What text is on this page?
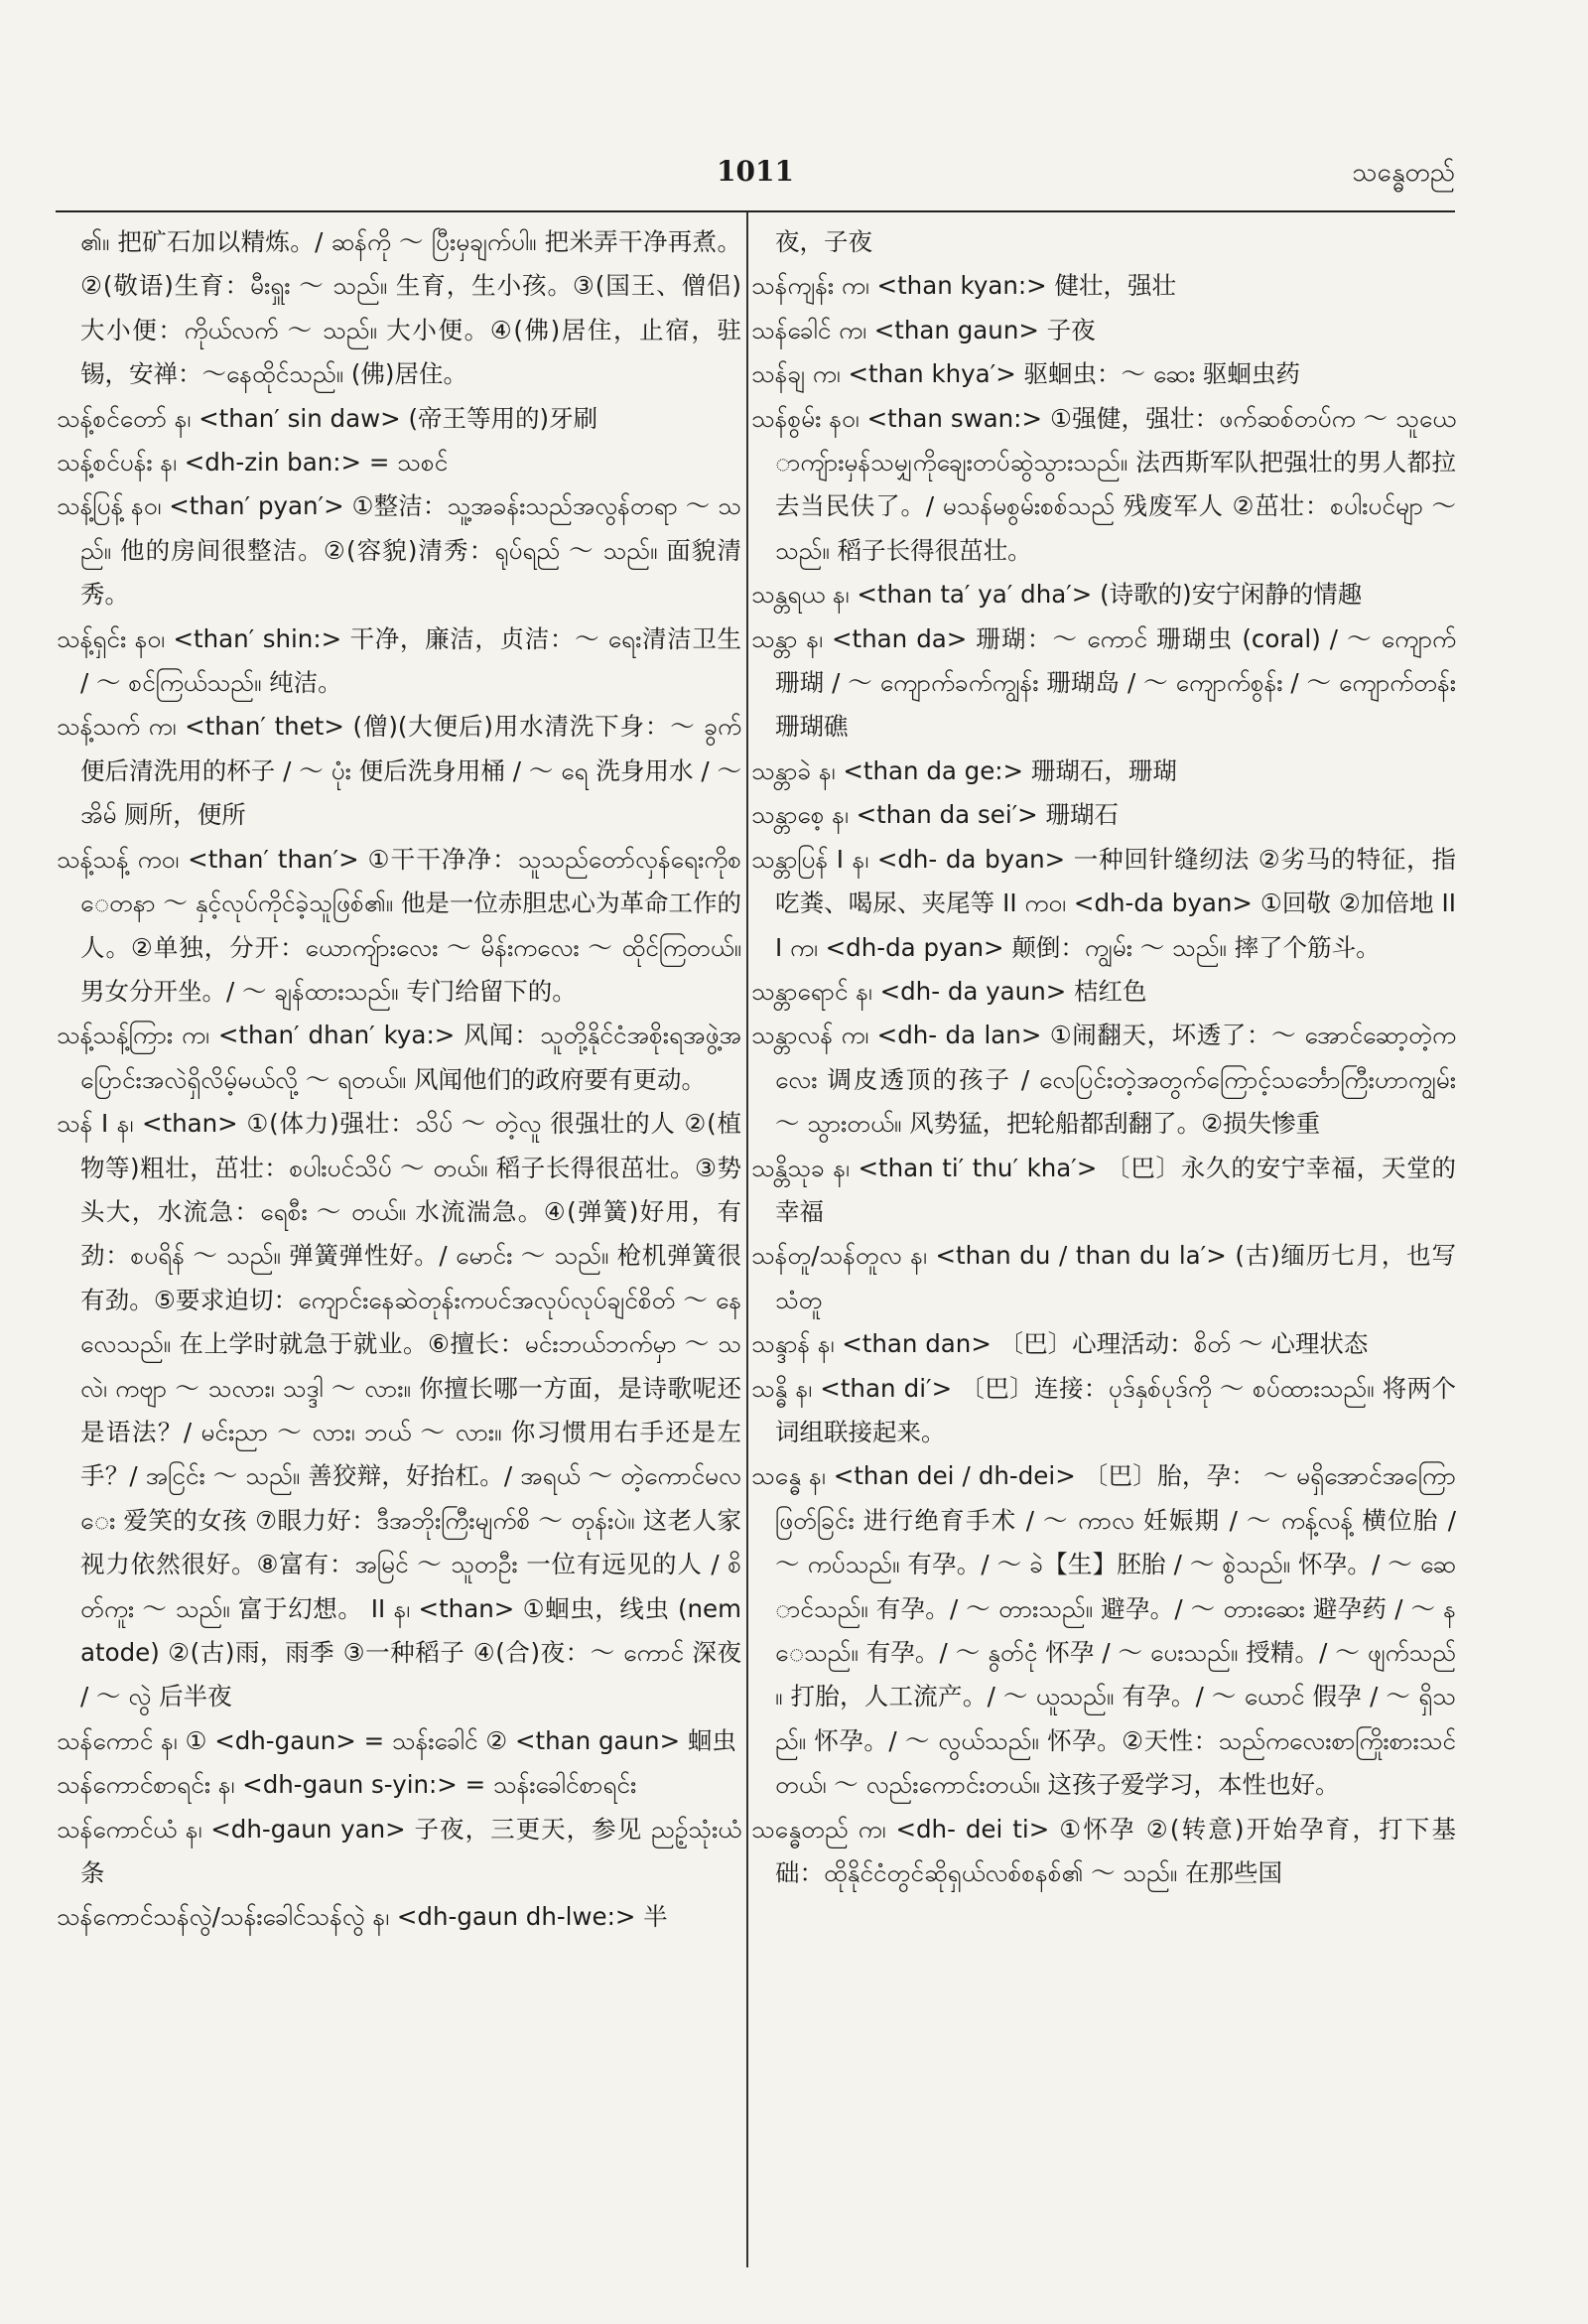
1011	သန္ဓေတည်
၏။ 把矿石加以精炼。/ ဆန်ကို ～ ပြီးမှချက်ပါ။ 把米弄干净再煮。②(敬语)生育：မီးရှူး ～ သည်။ 生育，生小孩。③(国王、僧侣)大小便：ကိုယ်လက် ～ သည်။ 大小便。④(佛)居住，止宿，驻锡，安禅：～နေထိုင်သည်။ (佛)居住。
သန့်စင်တော် န၊ <than′ sin daw> (帝王等用的)牙刷
သန့်စင်ပန်း န၊ <dh-zin ban:> = သစင်
သန့်ပြန့် နဝ၊ <than′ pyan′> ①整洁：သူ့အခန်းသည်အလွန်တရာ ～ သည်။ 他的房间很整洁。②(容貌)清秀：ရုပ်ရည် ～ သည်။ 面貌清秀。
သန့်ရှင်း နဝ၊ <than′ shin:> 干净，廉洁，贞洁：～ ရေး清洁卫生 / ～ စင်ကြယ်သည်။ 纯洁。
သန့်သက် က၊ <than′ thet> (僧)(大便后)用水清洗下身：～ ခွက် 便后清洗用的杯子 / ～ ပုံး 便后洗身用桶 / ～ ရေ 洗身用水 / ～ အိမ် 厕所，便所
သန့်သန့် ကဝ၊ <than′ than′> ①干干净净：သူသည်တော်လှန်ရေးကိုစေတနာ ～ နှင့်လုပ်ကိုင်ခဲ့သူဖြစ်၏။ 他是一位赤胆忠心为革命工作的人。②单独，分开：ယောကျ်ားလေး ～ မိန်းကလေး ～ ထိုင်ကြတယ်။ 男女分开坐。/ ～ ချန်ထားသည်။ 专门给留下的。
သန့်သန့်ကြား က၊ <than′ dhan′ kya:> 风闻：သူတို့နိုင်ငံအစိုးရအဖွဲ့အပြောင်းအလဲရှိလိမ့်မယ်လို့ ～ ရတယ်။ 风闻他们的政府要有更动。
သန် I န၊ <than> ①(体力)强壮：သိပ် ～ တဲ့လူ 很强壮的人 ②(植物等)粗壮，茁壮：စပါးပင်သိပ် ～ တယ်။ 稻子长得很茁壮。③势头大，水流急：ရေစီး ～ တယ်။ 水流湍急。④(弹簧)好用，有劲：စပရိန် ～ သည်။ 弹簧弹性好。/ မောင်း ～ သည်။ 枪机弹簧很有劲。⑤要求迫切：ကျောင်းနေဆဲတုန်းကပင်အလုပ်လုပ်ချင်စိတ် ～ နေလေသည်။ 在上学时就急于就业。⑥擅长：မင်းဘယ်ဘက်မှာ ～ သလဲ၊ ကဗျာ ～ သလား၊ သဒ္ဒါ ～ လား။ 你擅长哪一方面，是诗歌呢还是语法？/ မင်းညာ ～ လား၊ ဘယ် ～ လား။ 你习惯用右手还是左手？/ အငြင်း ～ သည်။ 善狡辩，好抬杠。/ အရယ် ～ တဲ့ကောင်မလေး 爱笑的女孩 ⑦眼力好：ဒီအဘိုးကြီးမျက်စိ ～ တုန်းပဲ။ 这老人家视力依然很好。⑧富有：အမြင် ～ သူတဦး 一位有远见的人 / စိတ်ကူး ～ သည်။ 富于幻想。 II န၊ <than> ①蛔虫，线虫 (nematode) ②(古)雨，雨季 ③一种稻子 ④(合)夜：～ ကောင် 深夜 / ～ လွဲ 后半夜
သန်ကောင် န၊ ① <dh-gaun> = သန်းခေါင် ② <than gaun> 蛔虫
သန်ကောင်စာရင်း န၊ <dh-gaun s-yin:> = သန်းခေါင်စာရင်း
သန်ကောင်ယံ န၊ <dh-gaun yan> 子夜，三更天，参见 ညဉ့်သုံးယံ 条
သန်ကောင်သန်လွဲ/သန်းခေါင်သန်လွဲ န၊ <dh-gaun dh-lwe:> 半
夜，子夜
သန်ကျန်း က၊ <than kyan:> 健壮，强壮
သန်ခေါင် က၊ <than gaun> 子夜
သန်ချ က၊ <than khya′> 驱蛔虫：～ ဆေး 驱蛔虫药
သန်စွမ်း နဝ၊ <than swan:> ①强健，强壮：ဖက်ဆစ်တပ်က ～ သူယောကျ်ားမှန်သမျှကိုချေးတပ်ဆွဲသွားသည်။ 法西斯军队把强壮的男人都拉去当民伕了。/ မသန်မစွမ်းစစ်သည် 残废军人 ②茁壮：စပါးပင်မျာ ～ သည်။ 稻子长得很茁壮。
သန္တရယ န၊ <than ta′ ya′ dha′> (诗歌的)安宁闲静的情趣
သန္တာ န၊ <than da> 珊瑚：～ ကောင် 珊瑚虫 (coral) / ～ ကျောက် 珊瑚 / ～ ကျောက်ခက်ကျွန်း 珊瑚岛 / ～ ကျောက်စွန်း / ～ ကျောက်တန်း 珊瑚礁
သန္တာခဲ န၊ <than da ge:> 珊瑚石，珊瑚
သန္တာစေ့ န၊ <than da sei′> 珊瑚石
သန္တာပြန် I န၊ <dh- da byan> 一种回针缝纫法 ②劣马的特征，指吃粪、喝尿、夹尾等 II ကဝ၊ <dh-da byan> ①回敬 ②加倍地 III က၊ <dh-da pyan> 颠倒：ကျွမ်း ～ သည်။ 摔了个筋斗。
သန္တာရောင် န၊ <dh- da yaun> 桔红色
သန္တာလန် က၊ <dh- da lan> ①闹翻天，坏透了：～ အောင်ဆော့တဲ့ကလေး 调皮透顶的孩子 / လေပြင်းတဲ့အတွက်ကြောင့်သင်္ဘောကြီးဟာကျွမ်း ～ သွားတယ်။ 风势猛，把轮船都刮翻了。②损失惨重
သန္တိသုခ န၊ <than ti′ thu′ kha′> 〔巴〕永久的安宁幸福，天堂的幸福
သန်တူ/သန်တူလ န၊ <than du / than du la′> (古)缅历七月，也写 သံတူ
သန္ဒာန် န၊ <than dan> 〔巴〕心理活动：စိတ် ～ 心理状态
သန္ဓိ န၊ <than di′> 〔巴〕连接：ပုဒ်နှစ်ပုဒ်ကို ～ စပ်ထားသည်။ 将两个词组联接起来。
သန္ဓေ န၊ <than dei / dh-dei> 〔巴〕胎，孕： ～ မရှိအောင်အကြောဖြတ်ခြင်း 进行绝育手术 / ～ ကာလ 妊娠期 / ～ ကန့်လန့် 横位胎 / ～ ကပ်သည်။ 有孕。/ ～ ခဲ【生】胚胎 / ～ စွဲသည်။ 怀孕。/ ～ ဆောင်သည်။ 有孕。/ ～ တားသည်။ 避孕。/ ～ တားဆေး 避孕药 / ～ နေသည်။ 有孕。/ ～ နွတ်ငုံ 怀孕 / ～ ပေးသည်။ 授精。/ ～ ဖျက်သည်။ 打胎，人工流产。/ ～ ယူသည်။ 有孕。/ ～ ယောင် 假孕 / ～ ရှိသည်။ 怀孕。/ ～ လွယ်သည်။ 怀孕。②天性：သည်ကလေးစာကြိုးစားသင်တယ်၊ ～ လည်းကောင်းတယ်။ 这孩子爱学习，本性也好。
သန္ဓေတည် က၊ <dh- dei ti> ①怀孕 ②(转意)开始孕育，打下基础：ထိုနိုင်ငံတွင်ဆိုရှယ်လစ်စနစ်၏ ～ သည်။ 在那些国
